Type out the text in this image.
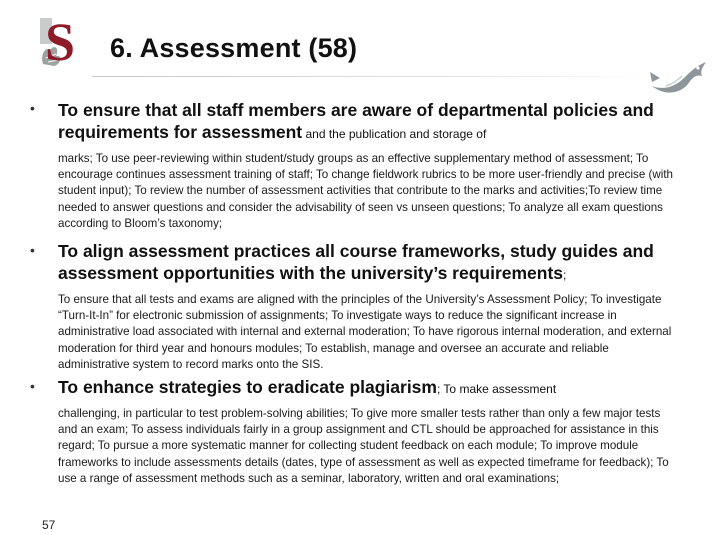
S 6. Assessment (58)
• To ensure that all staff members are aware of departmental policies and requirements for assessment and the publication and storage of
marks; To use peer-reviewing within student/study groups as an effective supplementary method of assessment; To encourage continues assessment training of staff; To change fieldwork rubrics to be more user-friendly and precise (with student input); To review the number of assessment activities that contribute to the marks and activities;To review time needed to answer questions and consider the advisability of seen vs unseen questions; To analyze all exam questions according to Bloom’s taxonomy;
• To align assessment practices all course frameworks, study guides and assessment opportunities with the university’s requirements;
To ensure that all tests and exams are aligned with the principles of the University’s Assessment Policy; To investigate “Turn-It-In” for electronic submission of assignments; To investigate ways to reduce the significant increase in administrative load associated with internal and external moderation; To have rigorous internal moderation, and external moderation for third year and honours modules; To establish, manage and oversee an accurate and reliable administrative system to record marks onto the SIS.
• To enhance strategies to eradicate plagiarism; To make assessment
challenging, in particular to test problem-solving abilities; To give more smaller tests rather than only a few major tests and an exam; To assess individuals fairly in a group assignment and CTL should be approached for assistance in this regard; To pursue a more systematic manner for collecting student feedback on each module; To improve module frameworks to include assessments details (dates, type of assessment as well as expected timeframe for feedback); To use a range of assessment methods such as a seminar, laboratory, written and oral examinations;
57
